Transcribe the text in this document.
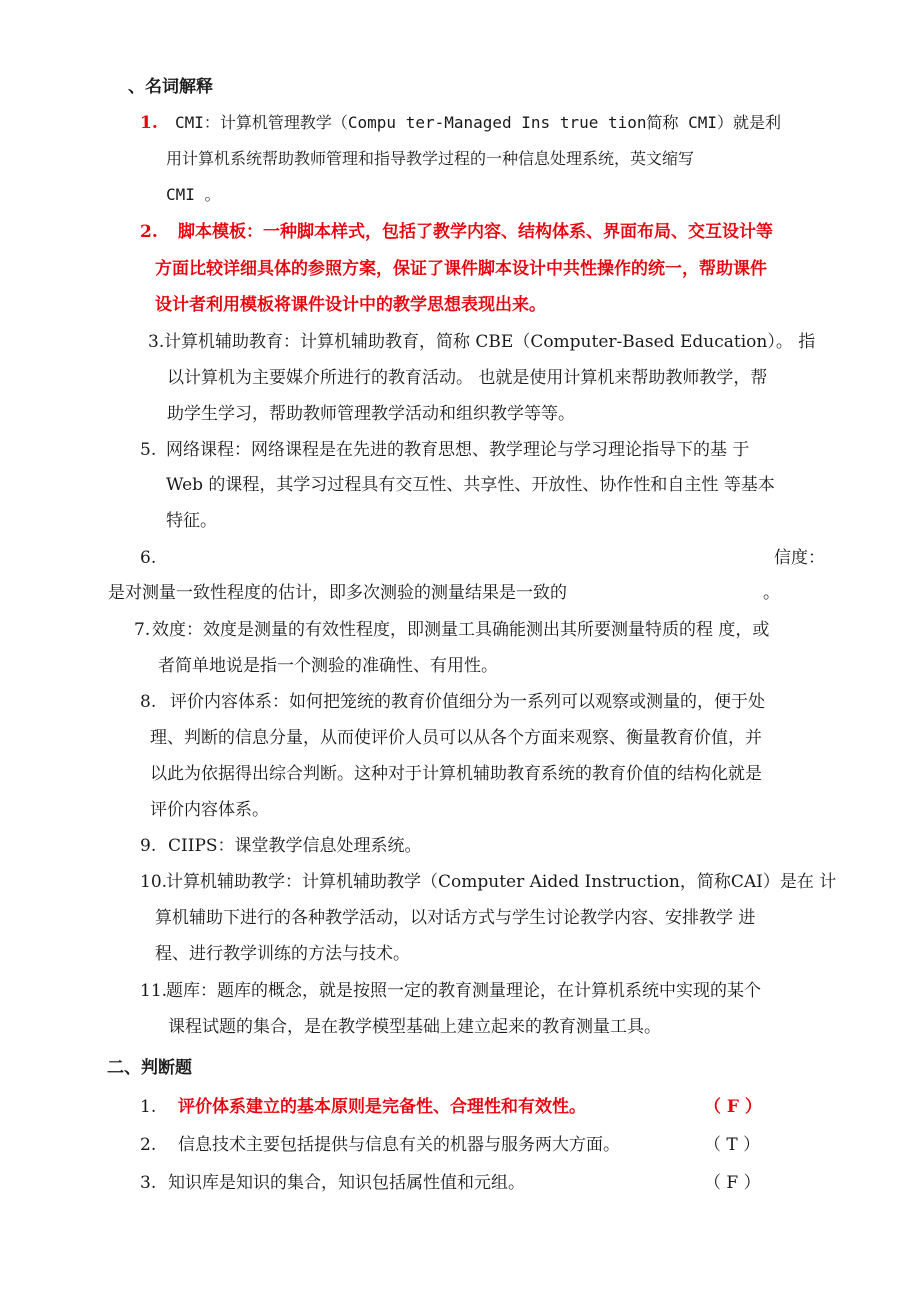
、名词解释
1. CMI：计算机管理教学（Compu ter-Managed Ins true tion简称 CMI）就是利
用计算机系统帮助教师管理和指导教学过程的一种信息处理系统，英文缩写
CMI 。
2. 脚本模板：一种脚本样式，包括了教学内容、结构体系、界面布局、交互设计等
方面比较详细具体的参照方案，保证了课件脚本设计中共性操作的统一，帮助课件
设计者利用模板将课件设计中的教学思想表现出来。
3. 计算机辅助教育：计算机辅助教育，简称 CBE（Computer-Based Education）。 指
以计算机为主要媒介所进行的教育活动。 也就是使用计算机来帮助教师教学，帮
助学生学习，帮助教师管理教学活动和组织教学等等。
5. 网络课程：网络课程是在先进的教育思想、教学理论与学习理论指导下的基 于
Web 的课程，其学习过程具有交互性、共享性、开放性、协作性和自主性 等基本
特征。
6.	信度：
是对测量一致性程度的估计，即多次测验的测量结果是一致的	。
7. 效度：效度是测量的有效性程度，即测量工具确能测出其所要测量特质的程 度，或
者简单地说是指一个测验的准确性、有用性。
8. 评价内容体系：如何把笼统的教育价值细分为一系列可以观察或测量的，便于处
理、判断的信息分量，从而使评价人员可以从各个方面来观察、衡量教育价值，并
以此为依据得出综合判断。这种对于计算机辅助教育系统的教育价值的结构化就是
评价内容体系。
9. CIIPS：课堂教学信息处理系统。
10.
计算机辅助教学：计算机辅助教学（Computer Aided Instruction，简称CAI）是在 计
算机辅助下进行的各种教学活动，以对话方式与学生讨论教学内容、安排教学 进
程、进行教学训练的方法与技术。
11.
题库：题库的概念，就是按照一定的教育测量理论，在计算机系统中实现的某个
课程试题的集合，是在教学模型基础上建立起来的教育测量工具。
二、判断题
1. 评价体系建立的基本原则是完备性、合理性和有效性。	（ F ）
2. 信息技术主要包括提供与信息有关的机器与服务两大方面。	（ T ）
3. 知识库是知识的集合，知识包括属性值和元组。	（ F ）
